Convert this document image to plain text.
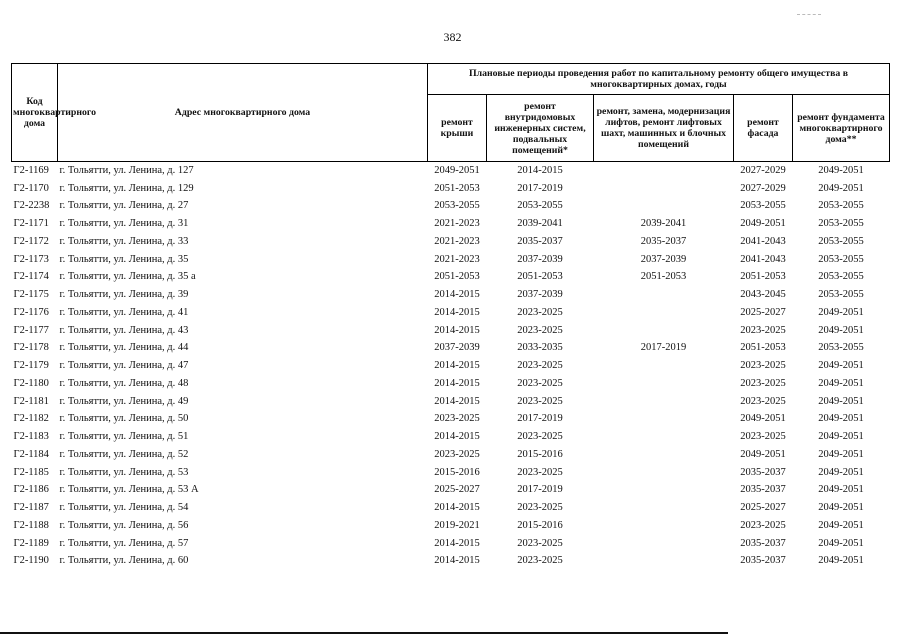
382
Код многоквартирного дома	Адрес многоквартирного дома	Плановые периоды проведения работ по капитальному ремонту общего имущества в многоквартирных домах, годы				
		ремонт крыши	ремонт внутридомовых инженерных систем, подвальных помещений*	ремонт, замена, модернизация лифтов, ремонт лифтовых шахт, машинных и блочных помещений	ремонт фасада	ремонт фундамента многоквартирного дома**
Г2-1169	г. Тольятти, ул. Ленина, д. 127	2049-2051	2014-2015		2027-2029	2049-2051
Г2-1170	г. Тольятти, ул. Ленина, д. 129	2051-2053	2017-2019		2027-2029	2049-2051
Г2-2238	г. Тольятти, ул. Ленина, д. 27	2053-2055	2053-2055		2053-2055	2053-2055
Г2-1171	г. Тольятти, ул. Ленина, д. 31	2021-2023	2039-2041	2039-2041	2049-2051	2053-2055
Г2-1172	г. Тольятти, ул. Ленина, д. 33	2021-2023	2035-2037	2035-2037	2041-2043	2053-2055
Г2-1173	г. Тольятти, ул. Ленина, д. 35	2021-2023	2037-2039	2037-2039	2041-2043	2053-2055
Г2-1174	г. Тольятти, ул. Ленина, д. 35 а	2051-2053	2051-2053	2051-2053	2051-2053	2053-2055
Г2-1175	г. Тольятти, ул. Ленина, д. 39	2014-2015	2037-2039		2043-2045	2053-2055
Г2-1176	г. Тольятти, ул. Ленина, д. 41	2014-2015	2023-2025		2025-2027	2049-2051
Г2-1177	г. Тольятти, ул. Ленина, д. 43	2014-2015	2023-2025		2023-2025	2049-2051
Г2-1178	г. Тольятти, ул. Ленина, д. 44	2037-2039	2033-2035	2017-2019	2051-2053	2053-2055
Г2-1179	г. Тольятти, ул. Ленина, д. 47	2014-2015	2023-2025		2023-2025	2049-2051
Г2-1180	г. Тольятти, ул. Ленина, д. 48	2014-2015	2023-2025		2023-2025	2049-2051
Г2-1181	г. Тольятти, ул. Ленина, д. 49	2014-2015	2023-2025		2023-2025	2049-2051
Г2-1182	г. Тольятти, ул. Ленина, д. 50	2023-2025	2017-2019		2049-2051	2049-2051
Г2-1183	г. Тольятти, ул. Ленина, д. 51	2014-2015	2023-2025		2023-2025	2049-2051
Г2-1184	г. Тольятти, ул. Ленина, д. 52	2023-2025	2015-2016		2049-2051	2049-2051
Г2-1185	г. Тольятти, ул. Ленина, д. 53	2015-2016	2023-2025		2035-2037	2049-2051
Г2-1186	г. Тольятти, ул. Ленина, д. 53 А	2025-2027	2017-2019		2035-2037	2049-2051
Г2-1187	г. Тольятти, ул. Ленина, д. 54	2014-2015	2023-2025		2025-2027	2049-2051
Г2-1188	г. Тольятти, ул. Ленина, д. 56	2019-2021	2015-2016		2023-2025	2049-2051
Г2-1189	г. Тольятти, ул. Ленина, д. 57	2014-2015	2023-2025		2035-2037	2049-2051
Г2-1190	г. Тольятти, ул. Ленина, д. 60	2014-2015	2023-2025		2035-2037	2049-2051
